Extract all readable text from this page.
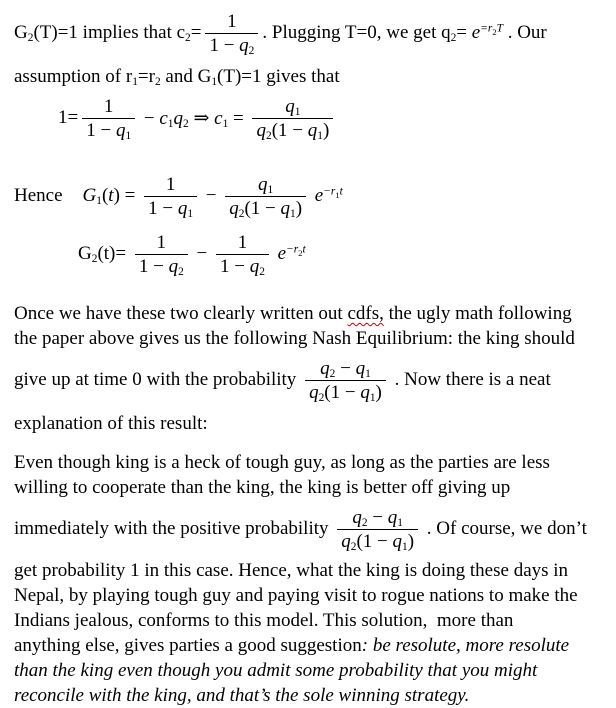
G2(T)=1 implies that $c2= \frac{1}{1 - q2}$ . Plugging T=0, we get $q2= e^{=r}2^T$ . Our
assumption of r1=r2 and G1(T)=1 gives that
$1= \frac{1}{1 - q1} - c1q2$ ⇒ $c1 = \frac{q1}{q2(1 - q1)}$
Hence $G1(t) = \frac{1}{1 - q1} - \frac{q1}{q2(1 - q1)} e^{-r}1^t$
$G2(t)= \frac{1}{1 - q2} - \frac{1}{1 - q2} e^{-r}2^t$
Once we have these two clearly written out cdfs, the ugly math following
the paper above gives us the following Nash Equilibrium: the king should
give up at time 0 with the probability $\frac{q2 - q1}{q2(1 - q1)}$ . Now there is a neat
explanation of this result:
Even though king is a heck of tough guy, as long as the parties are less
willing to cooperate than the king, the king is better off giving up
immediately with the positive probability $\frac{q2 - q1}{q2(1 - q1)}$ . Of course, we don’t
get probability 1 in this case. Hence, what the king is doing these days in
Nepal, by playing tough guy and paying visit to rogue nations to make the
Indians jealous, conforms to this model. This solution,  more than
anything else, gives parties a good suggestion: be resolute, more resolute
than the king even though you admit some probability that you might
reconcile with the king, and that’s the sole winning strategy.
